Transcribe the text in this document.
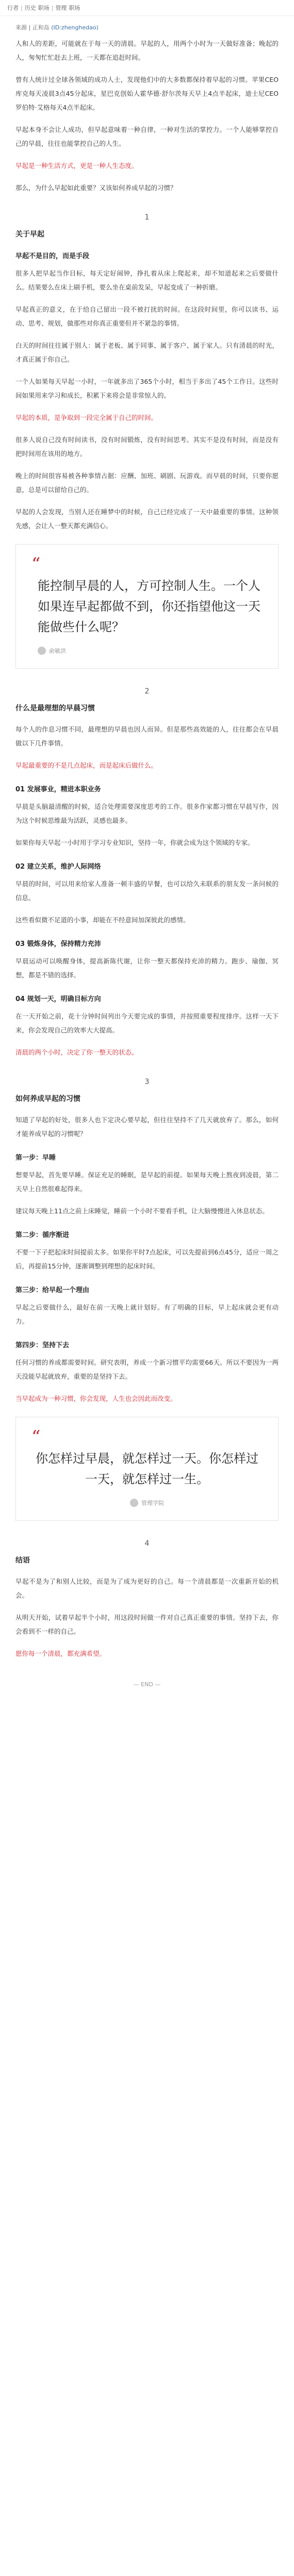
行者 | 历史 职场 | 管理 职场
来源 | 正和岛 (ID:zhenghedao)

人和人的差距，可能就在于每一天的清晨。早起的人，用两个小时为一天做好准备；晚起的人，匆匆忙忙赶去上班，一天都在追赶时间。

曾有人统计过全球各领域的成功人士，发现他们中的大多数都保持着早起的习惯。苹果CEO库克每天凌晨3点45分起床，星巴克创始人霍华德·舒尔茨每天早上4点半起床，迪士尼CEO罗伯特·艾格每天4点半起床。

早起本身不会让人成功，但早起意味着一种自律，一种对生活的掌控力。一个人能够掌控自己的早晨，往往也能掌控自己的人生。

早起是一种生活方式，更是一种人生态度。

那么，为什么早起如此重要？又该如何养成早起的习惯？

1
关于早起
早起不是目的，而是手段

很多人把早起当作目标，每天定好闹钟，挣扎着从床上爬起来，却不知道起来之后要做什么。结果要么在床上刷手机，要么坐在桌前发呆，早起变成了一种折磨。

早起真正的意义，在于给自己留出一段不被打扰的时间。在这段时间里，你可以读书、运动、思考、规划，做那些对你真正重要但并不紧急的事情。

白天的时间往往属于别人：属于老板、属于同事、属于客户、属于家人。只有清晨的时光，才真正属于你自己。

一个人如果每天早起一小时，一年就多出了365个小时，相当于多出了45个工作日。这些时间如果用来学习和成长，积累下来将会是非常惊人的。

早起的本质，是争取到一段完全属于自己的时间。

很多人说自己没有时间读书，没有时间锻炼，没有时间思考。其实不是没有时间，而是没有把时间用在该用的地方。

晚上的时间很容易被各种事情占据：应酬、加班、刷剧、玩游戏。而早晨的时间，只要你愿意，总是可以留给自己的。

早起的人会发现，当别人还在睡梦中的时候，自己已经完成了一天中最重要的事情。这种领先感，会让人一整天都充满信心。

“
能控制早晨的人，方可控制人生。一个人如果连早起都做不到，你还指望他这一天能做些什么呢？
俞敏洪
2
什么是最理想的早晨习惯

每个人的作息习惯不同，最理想的早晨也因人而异。但是那些高效能的人，往往都会在早晨做以下几件事情。

早起最重要的不是几点起床，而是起床后做什么。

01 发展事业，精进本职业务

早晨是头脑最清醒的时候，适合处理需要深度思考的工作。很多作家都习惯在早晨写作，因为这个时候思维最为活跃，灵感也最多。

如果你每天早起一小时用于学习专业知识，坚持一年，你就会成为这个领域的专家。

02 建立关系，维护人际网络

早晨的时间，可以用来给家人准备一顿丰盛的早餐，也可以给久未联系的朋友发一条问候的信息。

这些看似微不足道的小事，却能在不经意间加深彼此的感情。

03 锻炼身体，保持精力充沛

早晨运动可以唤醒身体，提高新陈代谢，让你一整天都保持充沛的精力。跑步、瑜伽、冥想，都是不错的选择。

04 规划一天，明确目标方向

在一天开始之前，花十分钟时间列出今天要完成的事情，并按照重要程度排序。这样一天下来，你会发现自己的效率大大提高。

清晨的两个小时，决定了你一整天的状态。

3
如何养成早起的习惯

知道了早起的好处，很多人也下定决心要早起，但往往坚持不了几天就放弃了。那么，如何才能养成早起的习惯呢？

第一步：早睡

想要早起，首先要早睡。保证充足的睡眠，是早起的前提。如果每天晚上熬夜到凌晨，第二天早上自然很难起得来。

建议每天晚上11点之前上床睡觉，睡前一个小时不要看手机，让大脑慢慢进入休息状态。

第二步：循序渐进

不要一下子把起床时间提前太多。如果你平时7点起床，可以先提前到6点45分，适应一周之后，再提前15分钟，逐渐调整到理想的起床时间。

第三步：给早起一个理由

早起之后要做什么，最好在前一天晚上就计划好。有了明确的目标，早上起床就会更有动力。

第四步：坚持下去

任何习惯的养成都需要时间。研究表明，养成一个新习惯平均需要66天。所以不要因为一两天没能早起就放弃，重要的是坚持下去。

当早起成为一种习惯，你会发现，人生也会因此而改变。

“
你怎样过早晨，就怎样过一天。你怎样过一天，就怎样过一生。
管理学院
4
结语

早起不是为了和别人比较，而是为了成为更好的自己。每一个清晨都是一次重新开始的机会。

从明天开始，试着早起半个小时，用这段时间做一件对自己真正重要的事情。坚持下去，你会看到不一样的自己。

愿你每一个清晨，都充满希望。

— END —
